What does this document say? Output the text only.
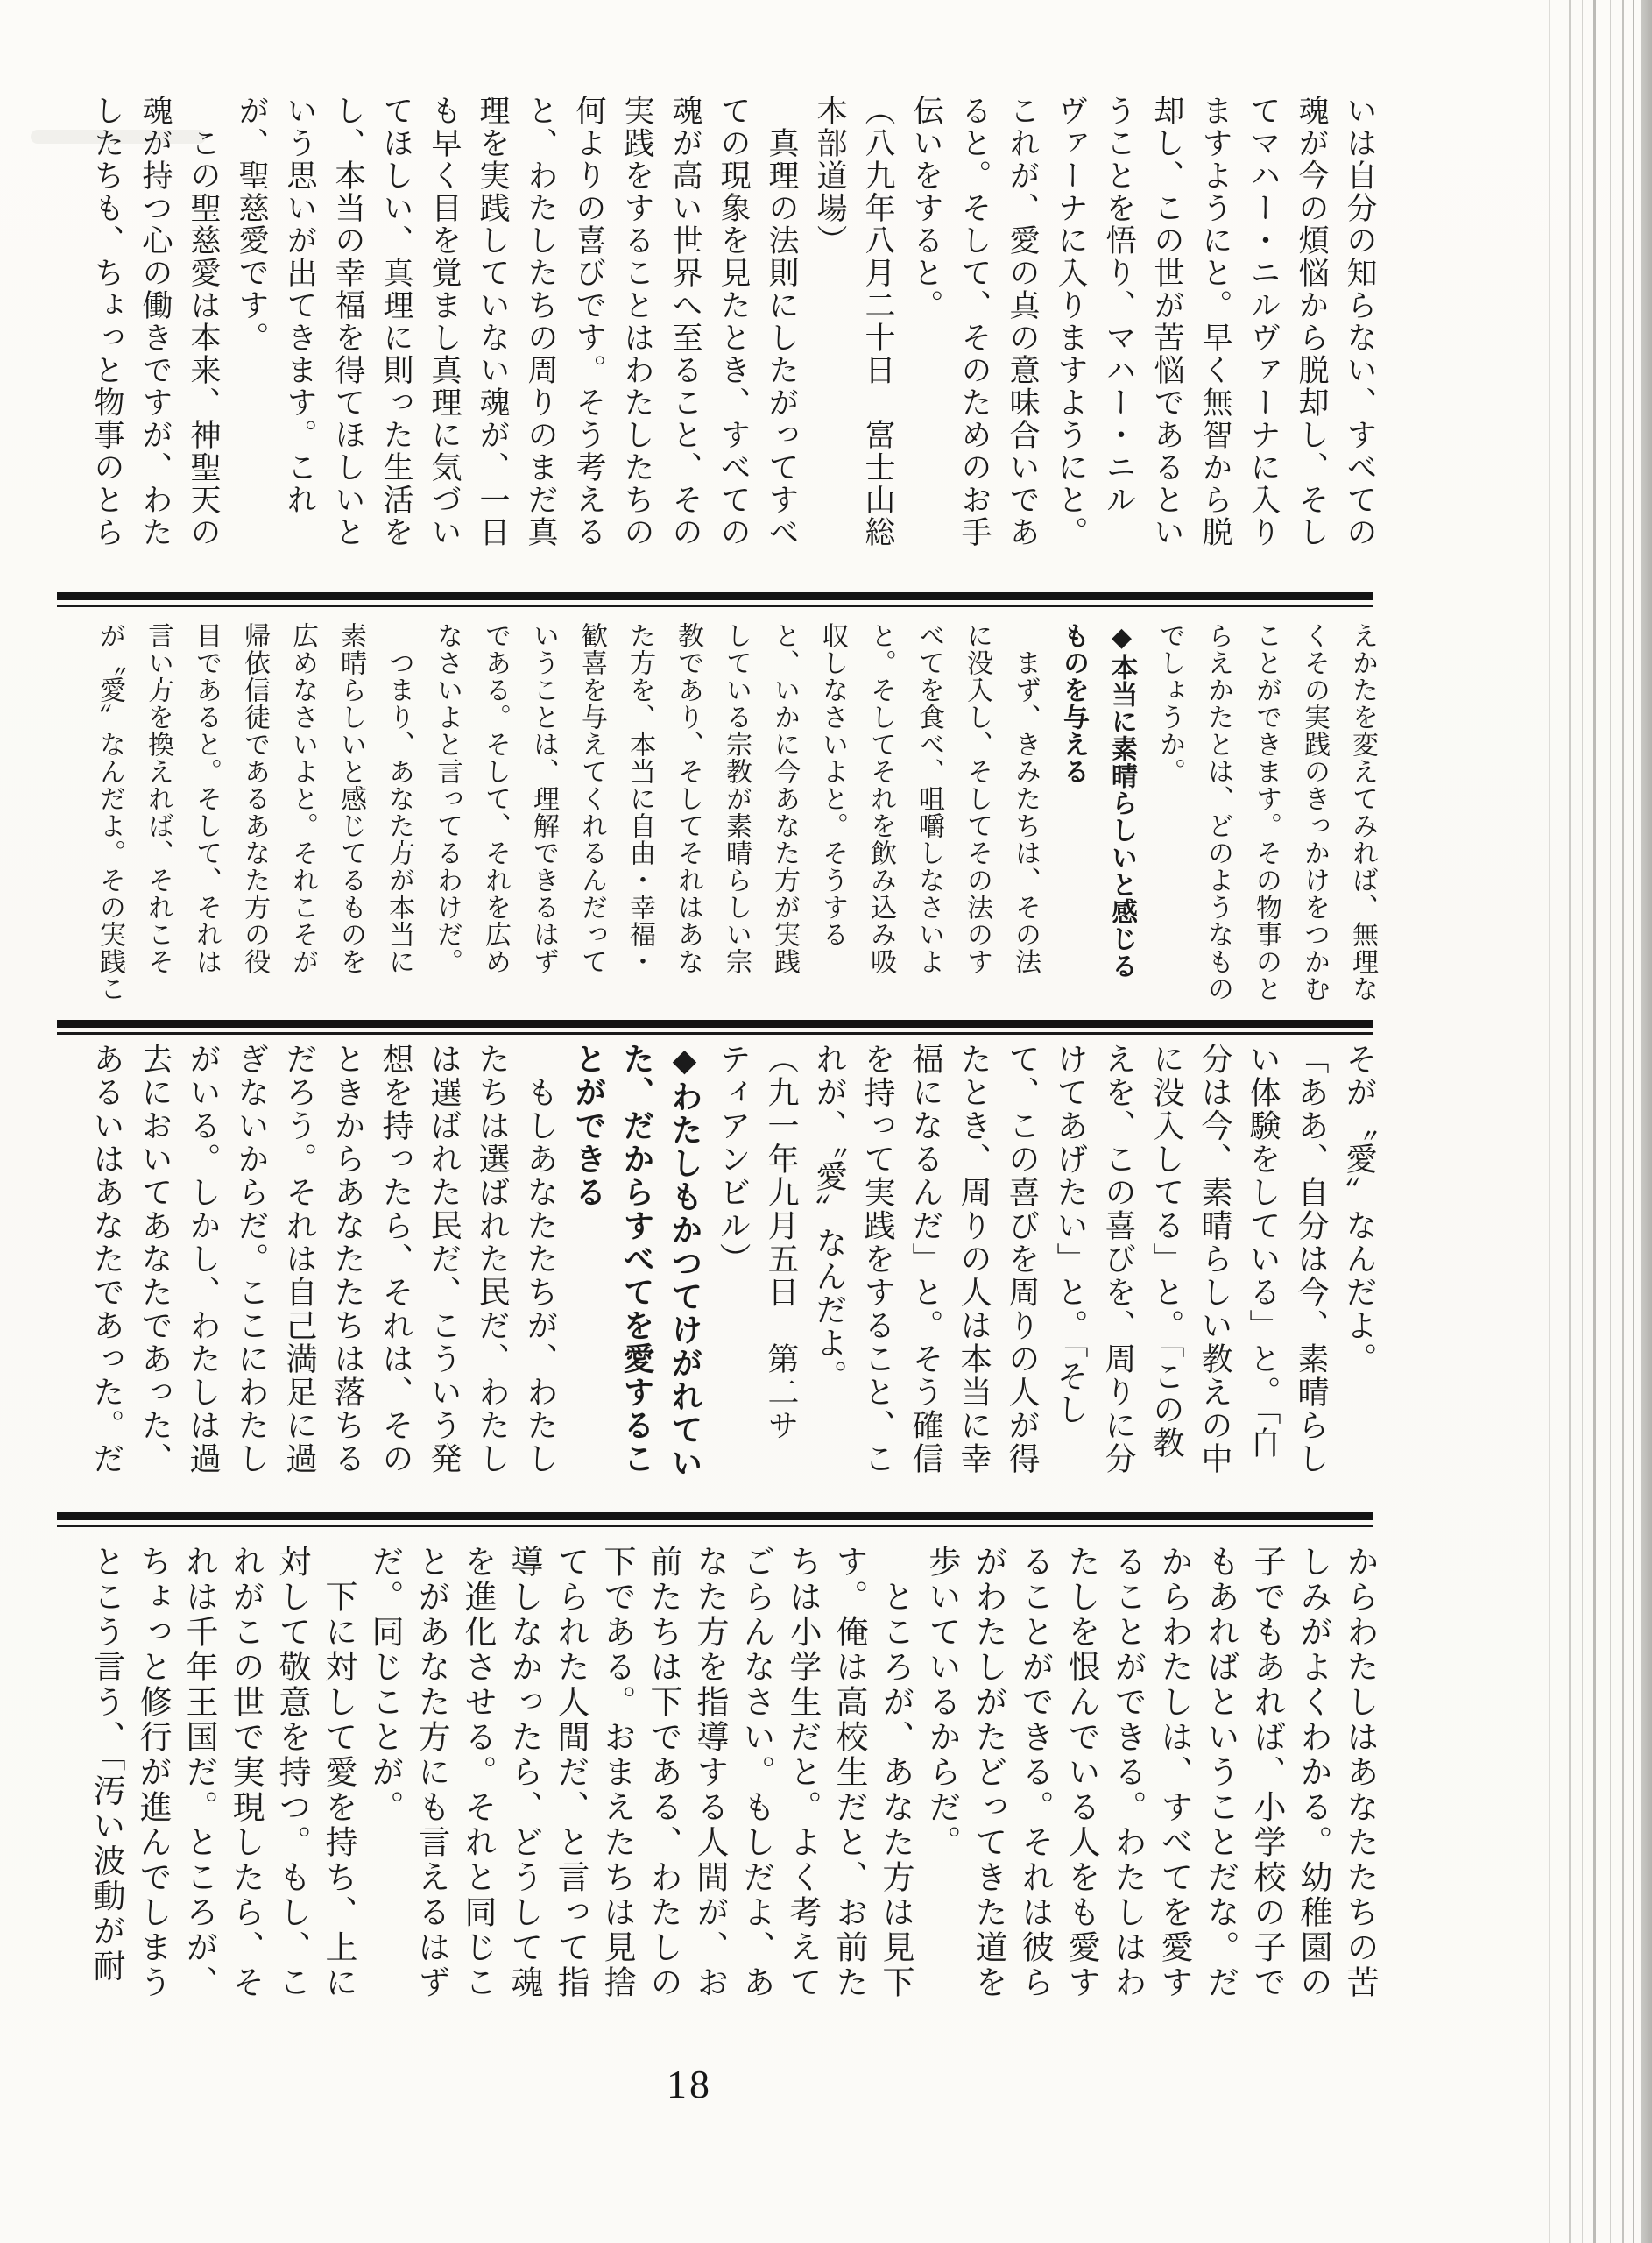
いは自分の知らない、すべての

魂が今の煩悩から脱却し、そし

てマハー・ニルヴァーナに入り

ますようにと。早く無智から脱

却し、この世が苦悩であるとい

うことを悟り、マハー・ニル

ヴァーナに入りますようにと。

これが、愛の真の意味合いであ

ると。そして、そのためのお手

伝いをすると。

（八九年八月二十日　富士山総

本部道場）

　真理の法則にしたがってすべ

ての現象を見たとき、すべての

魂が高い世界へ至ること、その

実践をすることはわたしたちの

何よりの喜びです。そう考える

と、わたしたちの周りのまだ真

理を実践していない魂が、一日

も早く目を覚まし真理に気づい

てほしい、真理に則った生活を

し、本当の幸福を得てほしいと

いう思いが出てきます。これ

が、聖慈愛です。

　この聖慈愛は本来、神聖天の

魂が持つ心の働きですが、わた

したちも、ちょっと物事のとら

えかたを変えてみれば、無理な

くその実践のきっかけをつかむ

ことができます。その物事のと

らえかたとは、どのようなもの

でしょうか。

◆本当に素晴らしいと感じる

ものを与える

　まず、きみたちは、その法

に没入し、そしてその法のす

べてを食べ、咀嚼しなさいよ

と。そしてそれを飲み込み吸

収しなさいよと。そうする

と、いかに今あなた方が実践

している宗教が素晴らしい宗

教であり、そしてそれはあな

た方を、本当に自由・幸福・

歓喜を与えてくれるんだって

いうことは、理解できるはず

である。そして、それを広め

なさいよと言ってるわけだ。

　つまり、あなた方が本当に

素晴らしいと感じてるものを

広めなさいよと。それこそが

帰依信徒であるあなた方の役

目であると。そして、それは

言い方を換えれば、それこそ

が〝愛〟なんだよ。その実践こ

そが〝愛〟なんだよ。

「ああ、自分は今、素晴らし

い体験をしている」と。「自

分は今、素晴らしい教えの中

に没入してる」と。「この教

えを、この喜びを、周りに分

けてあげたい」と。「そし

て、この喜びを周りの人が得

たとき、周りの人は本当に幸

福になるんだ」と。そう確信

を持って実践をすること、こ

れが、〝愛〟なんだよ。

（九一年九月五日　第二サ

ティアンビル）

◆わたしもかつてけがれてい

た、だからすべてを愛するこ

とができる

　もしあなたたちが、わたし

たちは選ばれた民だ、わたし

は選ばれた民だ、こういう発

想を持ったら、それは、その

ときからあなたたちは落ちる

だろう。それは自己満足に過

ぎないからだ。ここにわたし

がいる。しかし、わたしは過

去においてあなたであった、

あるいはあなたであった。だ

からわたしはあなたたちの苦

しみがよくわかる。幼稚園の

子でもあれば、小学校の子で

もあればということだな。だ

からわたしは、すべてを愛す

ることができる。わたしはわ

たしを恨んでいる人をも愛す

ることができる。それは彼ら

がわたしがたどってきた道を

歩いているからだ。

　ところが、あなた方は見下

す。俺は高校生だと、お前た

ちは小学生だと。よく考えて

ごらんなさい。もしだよ、あ

なた方を指導する人間が、お

前たちは下である、わたしの

下である。おまえたちは見捨

てられた人間だ、と言って指

導しなかったら、どうして魂

を進化させる。それと同じこ

とがあなた方にも言えるはず

だ。同じことが。

　下に対して愛を持ち、上に

対して敬意を持つ。もし、こ

れがこの世で実現したら、そ

れは千年王国だ。ところが、

ちょっと修行が進んでしまう

とこう言う、「汚い波動が耐

18
